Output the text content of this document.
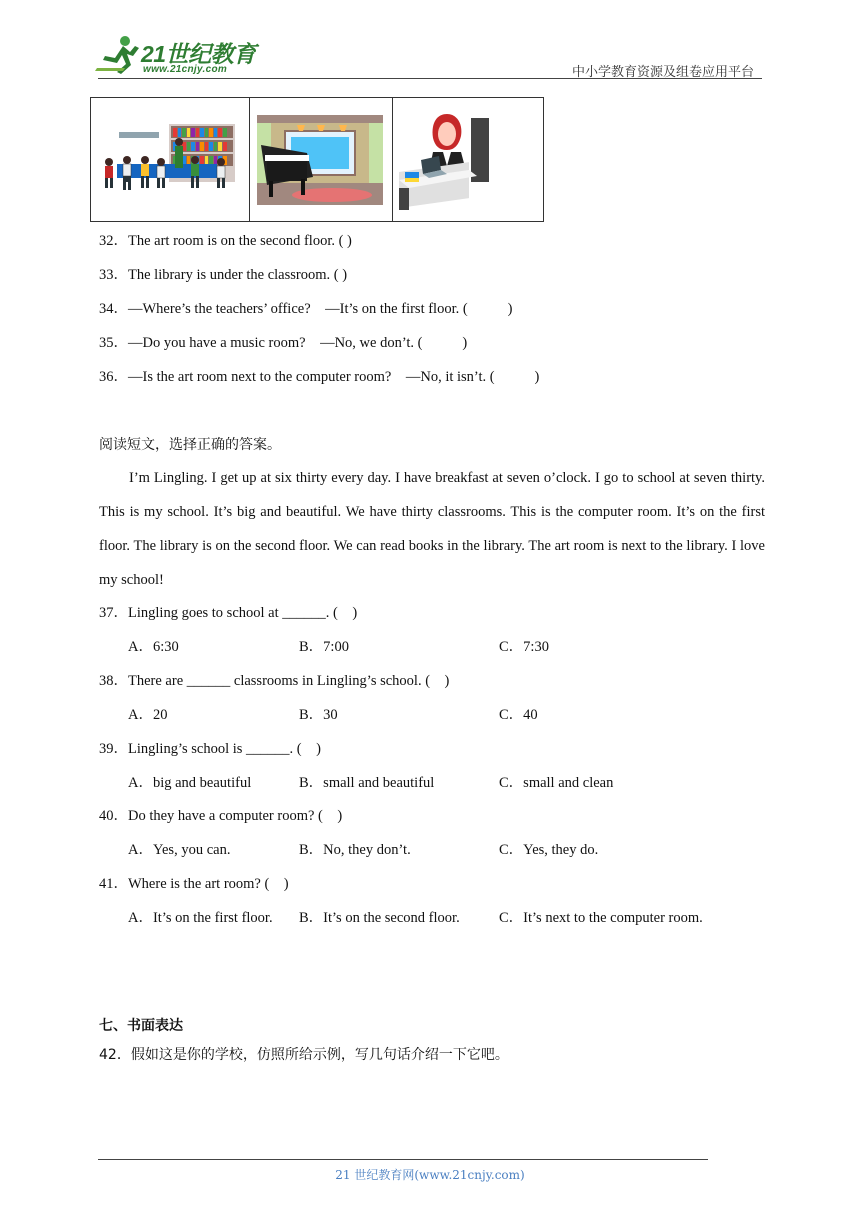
21世纪教育
www.21cnjy.com	中小学教育资源及组卷应用平台
32．The art room is on the second floor. ( )
33．The library is under the classroom. ( )
34．—Where’s the teachers’ office?    —It’s on the first floor. (           )
35．—Do you have a music room?    —No, we don’t. (           )
36．—Is the art room next to the computer room?    —No, it isn’t. (           )
阅读短文，选择正确的答案。
I’m Lingling. I get up at six thirty every day. I have breakfast at seven o’clock. I go to school at seven thirty. This is my school. It’s big and beautiful. We have thirty classrooms. This is the computer room. It’s on the first floor. The library is on the second floor. We can read books in the library. The art room is next to the library. I love my school!
37．Lingling goes to school at ______. (    )
A．6:30	B．7:00	C．7:30
38．There are ______ classrooms in Lingling’s school. (    )
A．20	B．30	C．40
39．Lingling’s school is ______. (    )
A．big and beautiful	B．small and beautiful	C．small and clean
40．Do they have a computer room? (    )
A．Yes, you can.	B．No, they don’t.	C．Yes, they do.
41．Where is the art room? (    )
A．It’s on the first floor. B．It’s on the second floor.	C．It’s next to the computer room.
七、书面表达
42．假如这是你的学校，仿照所给示例，写几句话介绍一下它吧。
21 世纪教育网(www.21cnjy.com)
